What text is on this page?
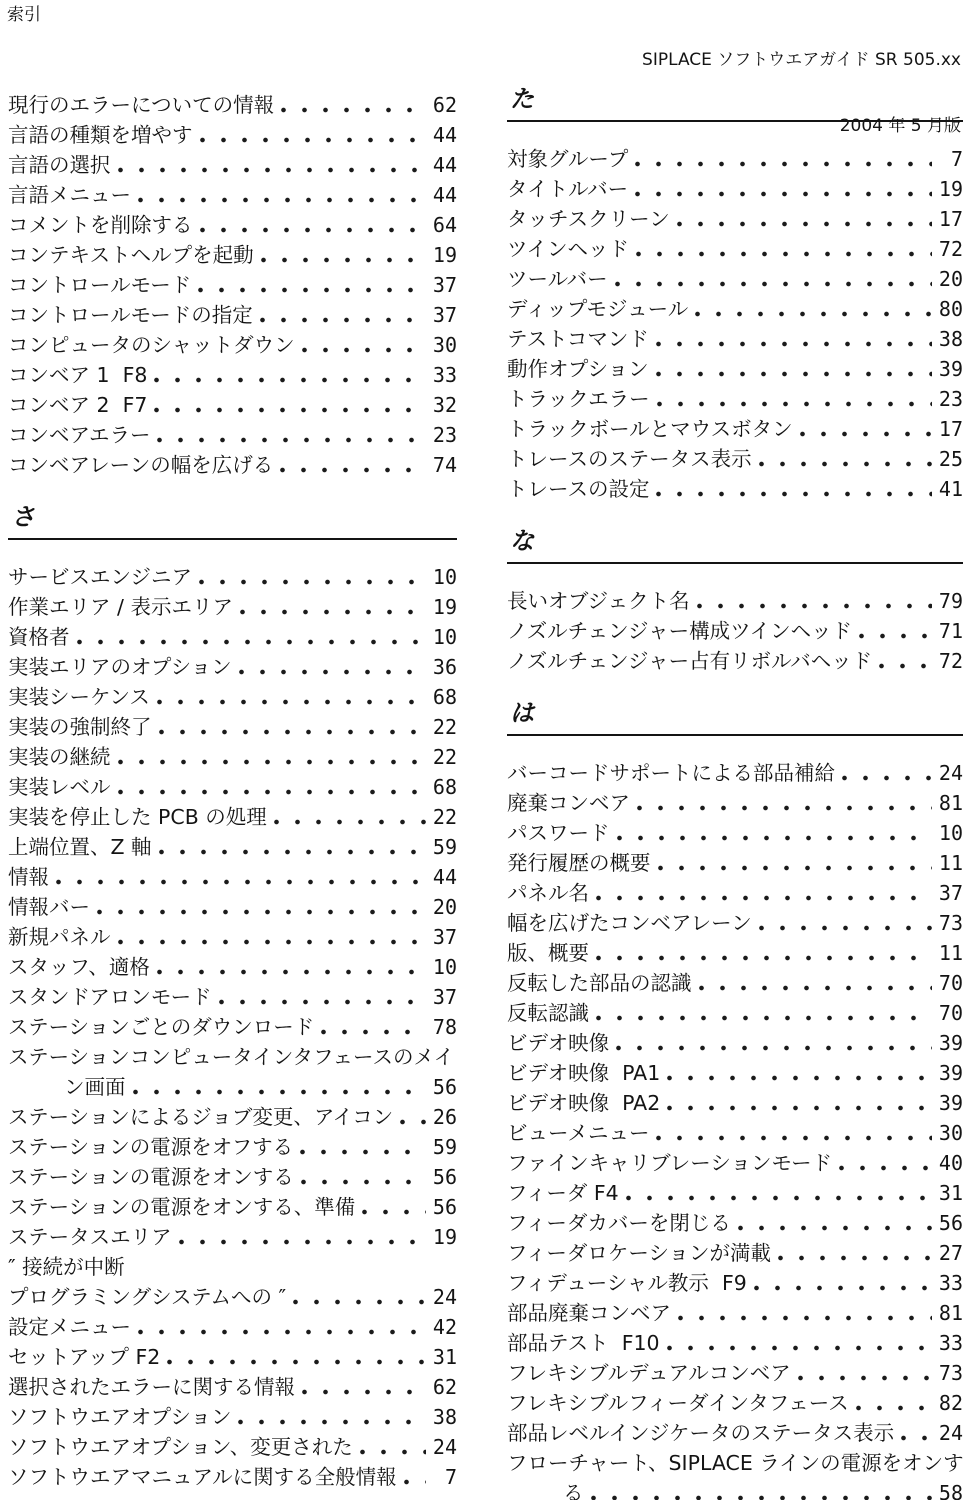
索引

SIPLACE ソフトウエアガイド SR 505.xx

2004 年 5 月版

現行のエラーについての情報	62
言語の種類を増やす	44
言語の選択	44
言語メニュー	44
コメントを削除する	64
コンテキストヘルプを起動	19
コントロールモード	37
コントロールモードの指定	37
コンピュータのシャットダウン	30
コンベア 1  F8	33
コンベア 2  F7	32
コンベアエラー	23
コンベアレーンの幅を広げる	74
さ
サービスエンジニア	10
作業エリア / 表示エリア	19
資格者	10
実装エリアのオプション	36
実装シーケンス	68
実装の強制終了	22
実装の継続	22
実装レベル	68
実装を停止した PCB の処理	22
上端位置、Z 軸	59
情報	44
情報バー	20
新規パネル	37
スタッフ、適格	10
スタンドアロンモード	37
ステーションごとのダウンロード	78
ステーションコンピュータインタフェースのメイ
ン画面	56
ステーションによるジョブ変更、アイコン 26
ステーションの電源をオフする	59
ステーションの電源をオンする	56
ステーションの電源をオンする、準備	56
ステータスエリア	19
″ 接続が中断
プログラミングシステムへの ″	24
設定メニュー	42
セットアップ F2	31
選択されたエラーに関する情報	62
ソフトウエアオプション	38
ソフトウエアオプション、変更された	24
ソフトウエアマニュアルに関する全般情報	7
た
対象グループ	7
タイトルバー	19
タッチスクリーン	17
ツインヘッド	72
ツールバー	20
ディップモジュール	80
テストコマンド	38
動作オプション	39
トラックエラー	23
トラックボールとマウスボタン	17
トレースのステータス表示	25
トレースの設定	41
な
長いオブジェクト名	79
ノズルチェンジャー構成ツインヘッド	71
ノズルチェンジャー占有リボルバヘッド	72
は
バーコードサポートによる部品補給	24
廃棄コンベア	81
パスワード	10
発行履歴の概要	11
パネル名	37
幅を広げたコンベアレーン	73
版、概要	11
反転した部品の認識	70
反転認識	70
ビデオ映像	39
ビデオ映像  PA1	39
ビデオ映像  PA2	39
ビューメニュー	30
ファインキャリブレーションモード	40
フィーダ F4	31
フィーダカバーを閉じる	56
フィーダロケーションが満載	27
フィデューシャル教示  F9	33
部品廃棄コンベア	81
部品テスト  F10	33
フレキシブルデュアルコンベア	73
フレキシブルフィーダインタフェース	82
部品レベルインジケータのステータス表示 24
フローチャート、SIPLACE ラインの電源をオンす
る	58
